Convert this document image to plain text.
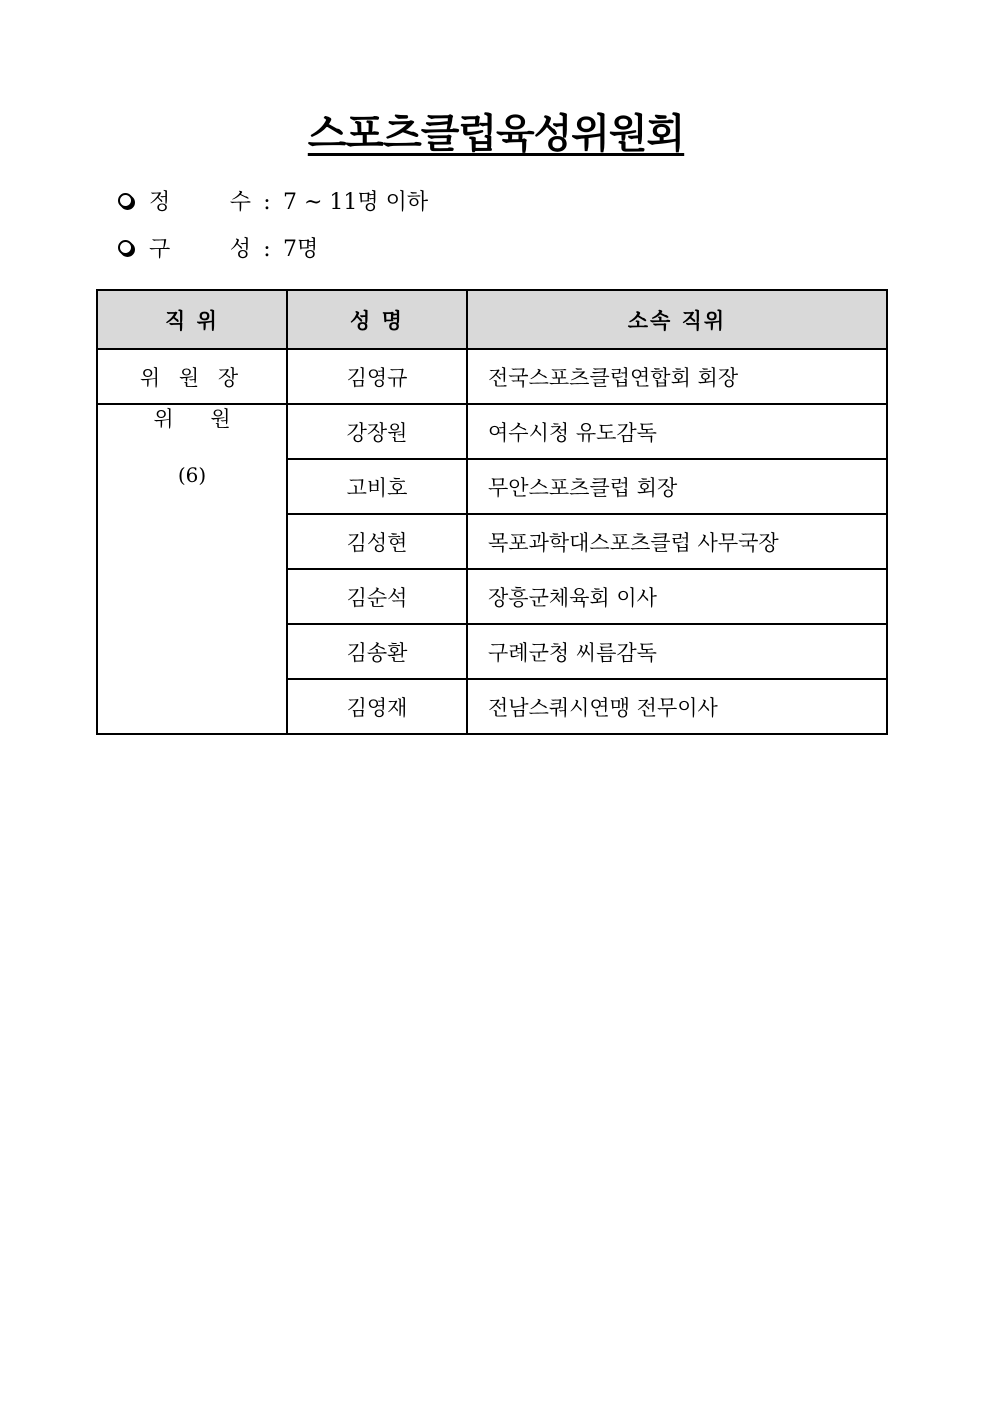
스포츠클럽육성위원회
정 수 : 7 ~ 11명 이하
구 성 : 7명
직 위	성 명	소속 직위
위 원 장	김영규	전국스포츠클럽연합회 회장

위 원
(6)	강장원	여수시청 유도감독
	고비호	무안스포츠클럽 회장
	김성현	목포과학대스포츠클럽 사무국장
	김순석	장흥군체육회 이사
	김송환	구례군청 씨름감독
	김영재	전남스쿼시연맹 전무이사
